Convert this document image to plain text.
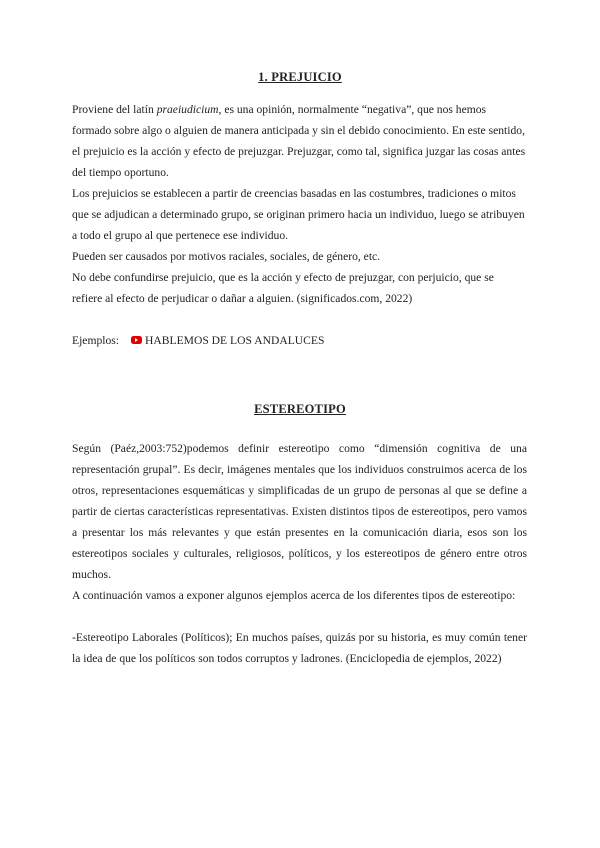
1. PREJUICIO

Proviene del latín praeiudicium, es una opinión, normalmente “negativa”, que nos hemos formado sobre algo o alguien de manera anticipada y sin el debido conocimiento. En este sentido, el prejuicio es la acción y efecto de prejuzgar. Prejuzgar, como tal, significa juzgar las cosas antes del tiempo oportuno.

Los prejuicios se establecen a partir de creencias basadas en las costumbres, tradiciones o mitos que se adjudican a determinado grupo, se originan primero hacia un individuo, luego se atribuyen a todo el grupo al que pertenece ese individuo.

Pueden ser causados por motivos raciales, sociales, de género, etc.

No debe confundirse prejuicio, que es la acción y efecto de prejuzgar, con perjuicio, que se refiere al efecto de perjudicar o dañar a alguien. (significados.com, 2022)

Ejemplos: HABLEMOS DE LOS ANDALUCES
ESTEREOTIPO

Según (Paéz,2003:752)podemos definir estereotipo como “dimensión cognitiva de una representación grupal”. Es decir, imágenes mentales que los individuos construimos acerca de los otros, representaciones esquemáticas y simplificadas de un grupo de personas al que se define a partir de ciertas características representativas. Existen distintos tipos de estereotipos, pero vamos a presentar los más relevantes y que están presentes en la comunicación diaria, esos son los estereotipos sociales y culturales, religiosos, políticos, y los estereotipos de género entre otros muchos.

A continuación vamos a exponer algunos ejemplos acerca de los diferentes tipos de estereotipo:

-Estereotipo Laborales (Políticos); En muchos países, quizás por su historia, es muy común tener la idea de que los políticos son todos corruptos y ladrones. (Enciclopedia de ejemplos, 2022)
